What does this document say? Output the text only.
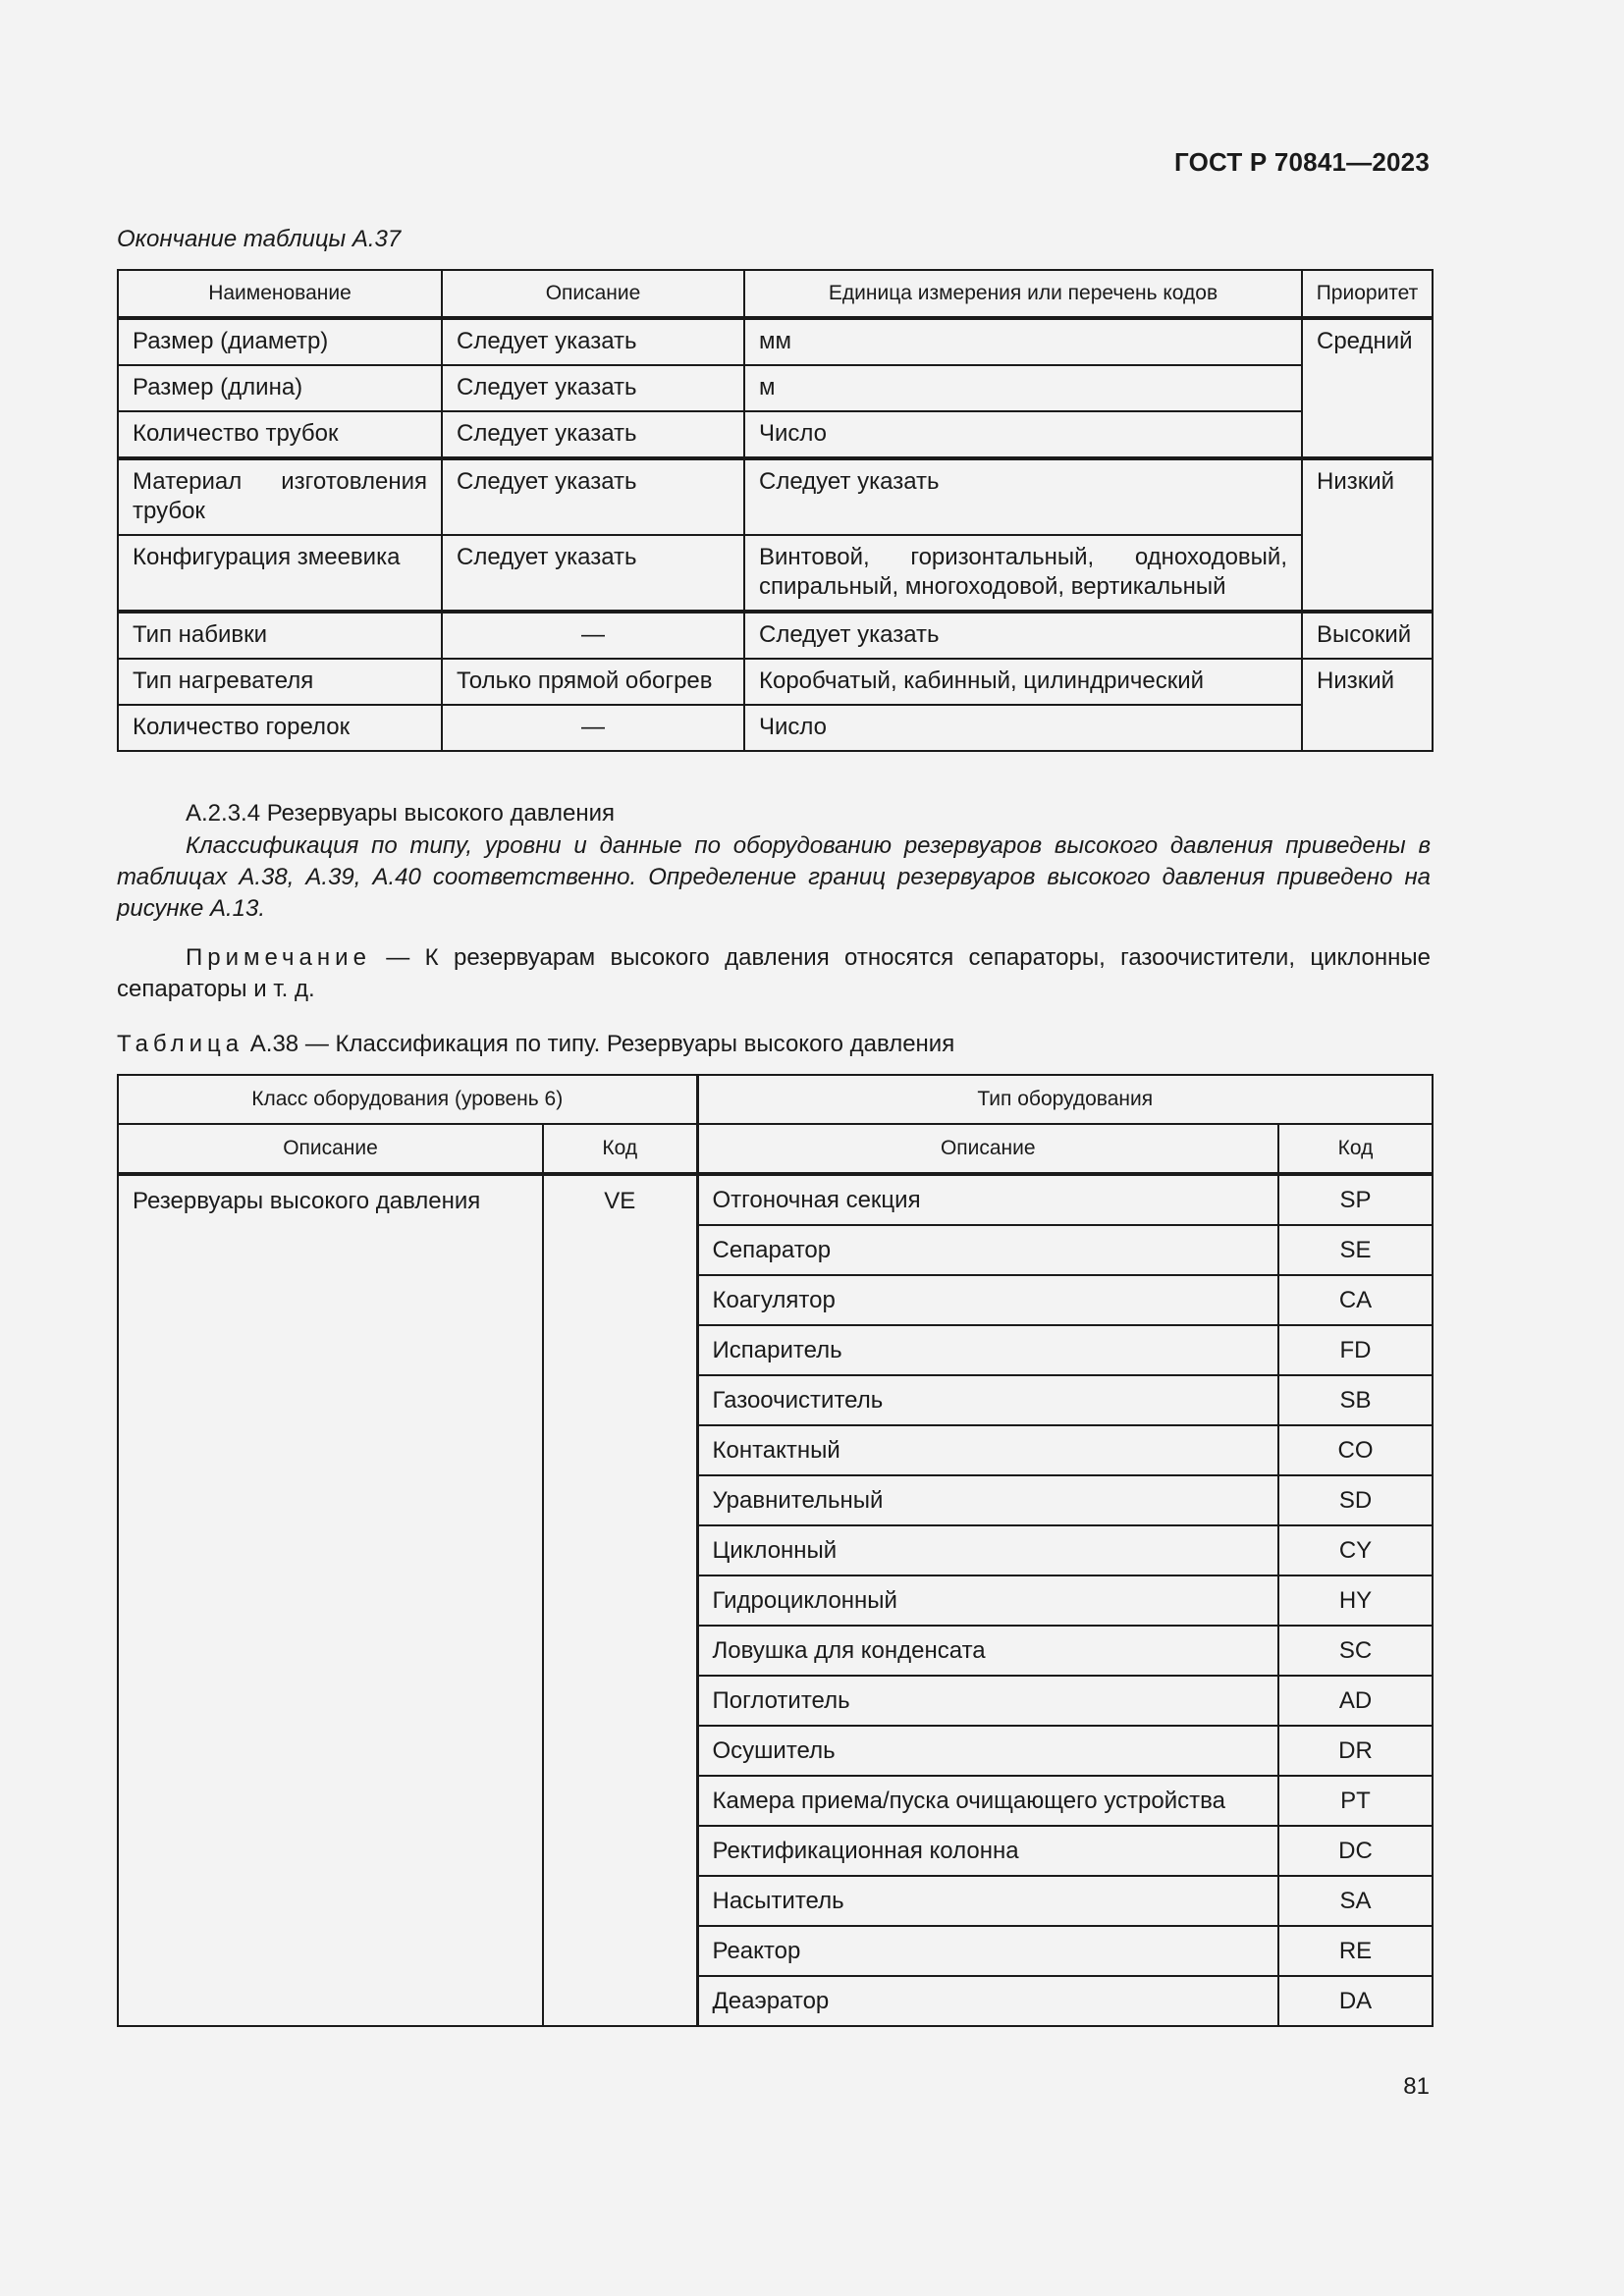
ГОСТ Р 70841—2023
Окончание таблицы А.37
Наименование	Описание	Единица измерения или перечень кодов	Приоритет
Размер (диаметр)	Следует указать	мм	Средний
Размер (длина)	Следует указать	м	
Количество трубок	Следует указать	Число	
Материал изготовления трубок	Следует указать	Следует указать	Низкий
Конфигурация змеевика	Следует указать	Винтовой, горизонтальный, одноходовый, спиральный, многоходовой, вертикальный	
Тип набивки	—	Следует указать	Высокий
Тип нагревателя	Только прямой обогрев	Коробчатый, кабинный, цилиндрический	Низкий
Количество горелок	—	Число	
А.2.3.4 Резервуары высокого давления
Классификация по типу, уровни и данные по оборудованию резервуаров высокого давления приведены в таблицах А.38, А.39, А.40 соответственно. Определение границ резервуаров высокого давления приведено на рисунке А.13.
Примечание — К резервуарам высокого давления относятся сепараторы, газоочистители, циклонные сепараторы и т. д.
Таблица А.38 — Классификация по типу. Резервуары высокого давления
Класс оборудования (уровень 6)		Тип оборудования	
Описание	Код	Описание	Код
Резервуары высокого давления	VE	Отгоночная секция	SP
		Сепаратор	SE
		Коагулятор	CA
		Испаритель	FD
		Газоочиститель	SB
		Контактный	CO
		Уравнительный	SD
		Циклонный	CY
		Гидроциклонный	HY
		Ловушка для конденсата	SC
		Поглотитель	AD
		Осушитель	DR
		Камера приема/пуска очищающего устройства	PT
		Ректификационная колонна	DC
		Насытитель	SA
		Реактор	RE
		Деаэратор	DA
81
